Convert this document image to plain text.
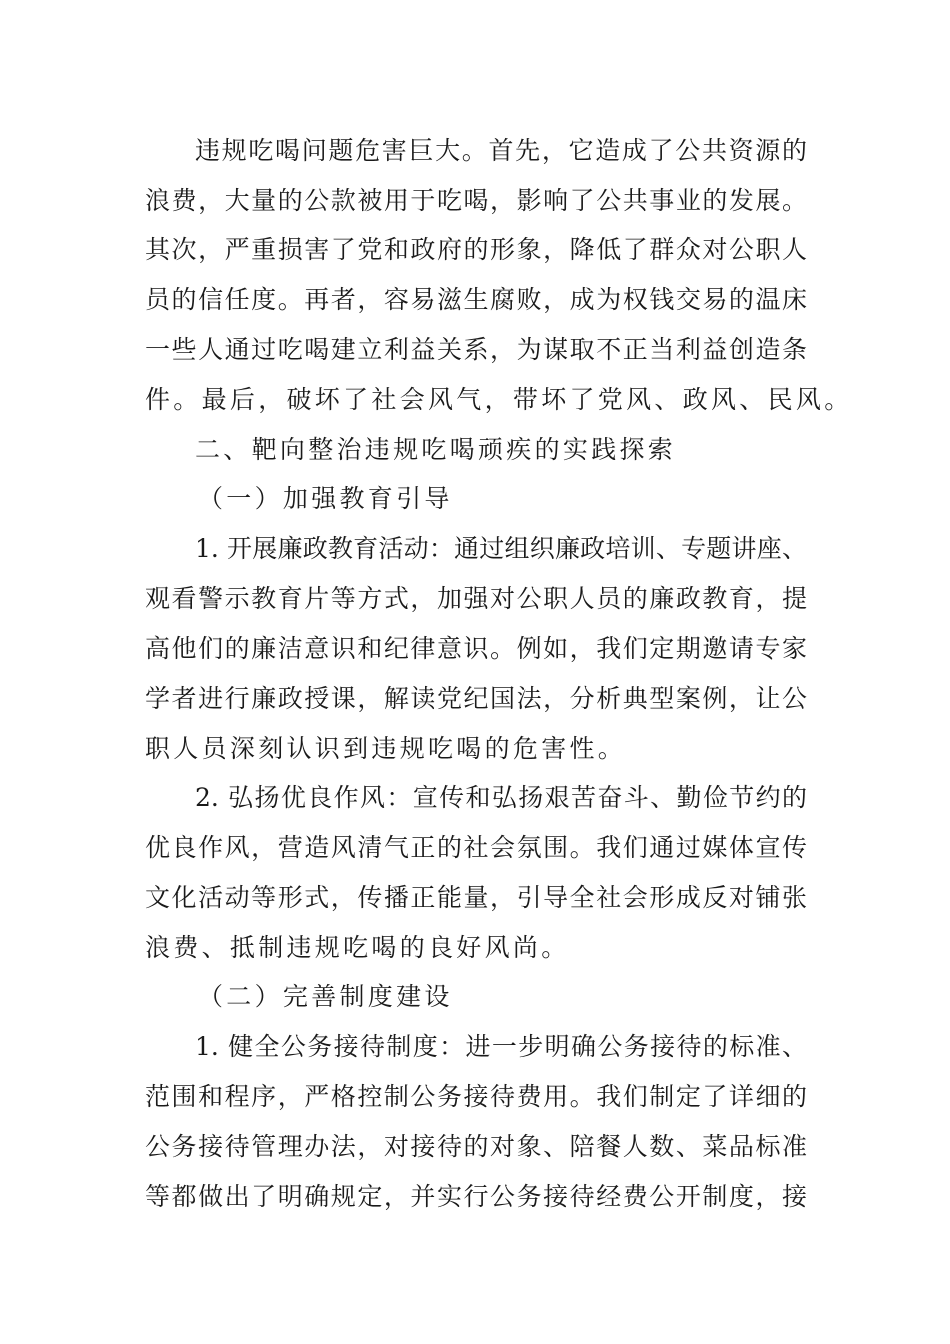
违规吃喝问题危害巨大。首先，它造成了公共资源的
浪费，大量的公款被用于吃喝，影响了公共事业的发展。
其次，严重损害了党和政府的形象，降低了群众对公职人
员的信任度。再者，容易滋生腐败，成为权钱交易的温床
一些人通过吃喝建立利益关系，为谋取不正当利益创造条
件。最后，破坏了社会风气，带坏了党风、政风、民风。
二、靶向整治违规吃喝顽疾的实践探索
（一）加强教育引导
1. 开展廉政教育活动：通过组织廉政培训、专题讲座、
观看警示教育片等方式，加强对公职人员的廉政教育，提
高他们的廉洁意识和纪律意识。例如，我们定期邀请专家
学者进行廉政授课，解读党纪国法，分析典型案例，让公
职人员深刻认识到违规吃喝的危害性。
2. 弘扬优良作风：宣传和弘扬艰苦奋斗、勤俭节约的
优良作风，营造风清气正的社会氛围。我们通过媒体宣传
文化活动等形式，传播正能量，引导全社会形成反对铺张
浪费、抵制违规吃喝的良好风尚。
（二）完善制度建设
1. 健全公务接待制度：进一步明确公务接待的标准、
范围和程序，严格控制公务接待费用。我们制定了详细的
公务接待管理办法，对接待的对象、陪餐人数、菜品标准
等都做出了明确规定，并实行公务接待经费公开制度，接
